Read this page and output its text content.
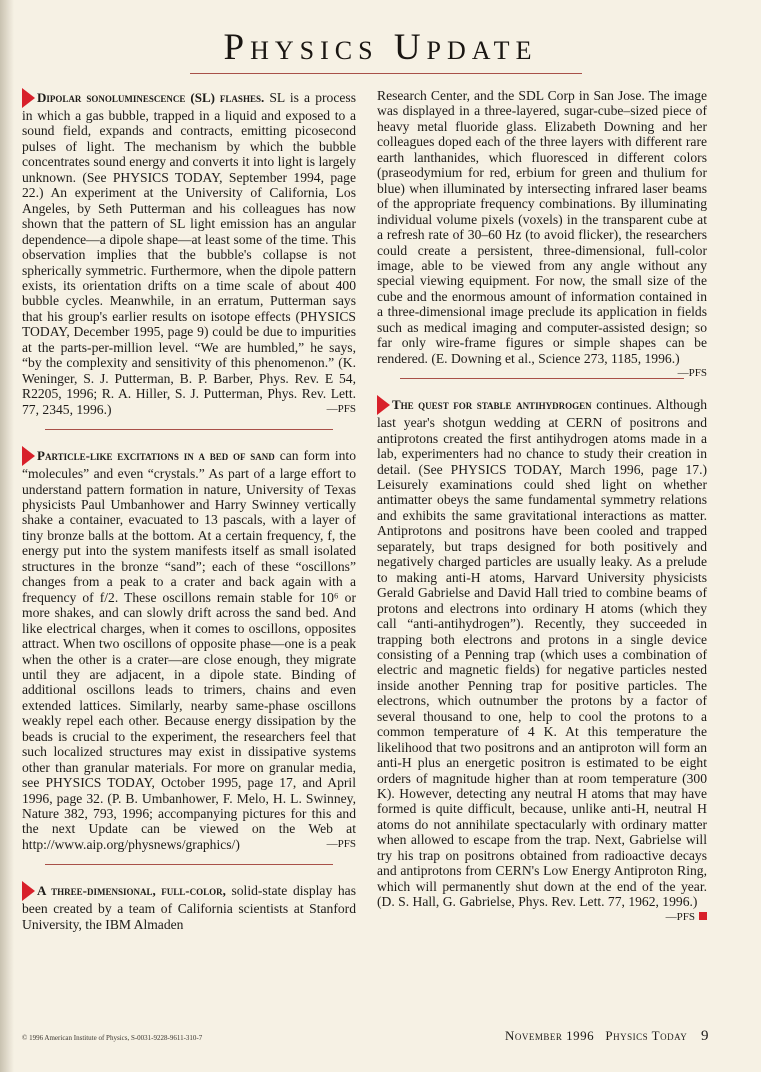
Physics Update

Dipolar sonoluminescence (SL) flashes. SL is a process in which a gas bubble, trapped in a liquid and exposed to a sound field, expands and contracts, emitting picosecond pulses of light. The mechanism by which the bubble concentrates sound energy and converts it into light is largely unknown. (See PHYSICS TODAY, September 1994, page 22.) An experiment at the University of California, Los Angeles, by Seth Putterman and his colleagues has now shown that the pattern of SL light emission has an angular dependence—a dipole shape—at least some of the time. This observation implies that the bubble's collapse is not spherically symmetric. Furthermore, when the dipole pattern exists, its orientation drifts on a time scale of about 400 bubble cycles. Meanwhile, in an erratum, Putterman says that his group's earlier results on isotope effects (PHYSICS TODAY, December 1995, page 9) could be due to impurities at the parts-per-million level. “We are humbled,” he says, “by the complexity and sensitivity of this phenomenon.” (K. Weninger, S. J. Putterman, B. P. Barber, Phys. Rev. E 54, R2205, 1996; R. A. Hiller, S. J. Putterman, Phys. Rev. Lett. 77, 2345, 1996.)	—PFS

Particle-like excitations in a bed of sand can form into “molecules” and even “crystals.” As part of a large effort to understand pattern formation in nature, University of Texas physicists Paul Umbanhower and Harry Swinney vertically shake a container, evacuated to 13 pascals, with a layer of tiny bronze balls at the bottom. At a certain frequency, f, the energy put into the system manifests itself as small isolated structures in the bronze “sand”; each of these “oscillons” changes from a peak to a crater and back again with a frequency of f/2. These oscillons remain stable for 10⁶ or more shakes, and can slowly drift across the sand bed. And like electrical charges, when it comes to oscillons, opposites attract. When two oscillons of opposite phase—one is a peak when the other is a crater—are close enough, they migrate until they are adjacent, in a dipole state. Binding of additional oscillons leads to trimers, chains and even extended lattices. Similarly, nearby same-phase oscillons weakly repel each other. Because energy dissipation by the beads is crucial to the experiment, the researchers feel that such localized structures may exist in dissipative systems other than granular materials. For more on granular media, see PHYSICS TODAY, October 1995, page 17, and April 1996, page 32. (P. B. Umbanhower, F. Melo, H. L. Swinney, Nature 382, 793, 1996; accompanying pictures for this and the next Update can be viewed on the Web at http://www.aip.org/physnews/graphics/)	—PFS

A three-dimensional, full-color, solid-state display has been created by a team of California scientists at Stanford University, the IBM Almaden

Research Center, and the SDL Corp in San Jose. The image was displayed in a three-layered, sugar-cube–sized piece of heavy metal fluoride glass. Elizabeth Downing and her colleagues doped each of the three layers with different rare earth lanthanides, which fluoresced in different colors (praseodymium for red, erbium for green and thulium for blue) when illuminated by intersecting infrared laser beams of the appropriate frequency combinations. By illuminating individual volume pixels (voxels) in the transparent cube at a refresh rate of 30–60 Hz (to avoid flicker), the researchers could create a persistent, three-dimensional, full-color image, able to be viewed from any angle without any special viewing equipment. For now, the small size of the cube and the enormous amount of information contained in a three-dimensional image preclude its application in fields such as medical imaging and computer-assisted design; so far only wire-frame figures or simple shapes can be rendered. (E. Downing et al., Science 273, 1185, 1996.)
—PFS

The quest for stable antihydrogen continues. Although last year's shotgun wedding at CERN of positrons and antiprotons created the first antihydrogen atoms made in a lab, experimenters had no chance to study their creation in detail. (See PHYSICS TODAY, March 1996, page 17.) Leisurely examinations could shed light on whether antimatter obeys the same fundamental symmetry relations and exhibits the same gravitational interactions as matter. Antiprotons and positrons have been cooled and trapped separately, but traps designed for both positively and negatively charged particles are usually leaky. As a prelude to making anti-H atoms, Harvard University physicists Gerald Gabrielse and David Hall tried to combine beams of protons and electrons into ordinary H atoms (which they call “anti-antihydrogen”). Recently, they succeeded in trapping both electrons and protons in a single device consisting of a Penning trap (which uses a combination of electric and magnetic fields) for negative particles nested inside another Penning trap for positive particles. The electrons, which outnumber the protons by a factor of several thousand to one, help to cool the protons to a common temperature of 4 K. At this temperature the likelihood that two positrons and an antiproton will form an anti-H plus an energetic positron is estimated to be eight orders of magnitude higher than at room temperature (300 K). However, detecting any neutral H atoms that may have formed is quite difficult, because, unlike anti-H, neutral H atoms do not annihilate spectacularly with ordinary matter when allowed to escape from the trap. Next, Gabrielse will try his trap on positrons obtained from radioactive decays and antiprotons from CERN's Low Energy Antiproton Ring, which will permanently shut down at the end of the year. (D. S. Hall, G. Gabrielse, Phys. Rev. Lett. 77, 1962, 1996.)
—PFS

© 1996 American Institute of Physics, S-0031-9228-9611-310-7	November 1996 Physics Today 9
